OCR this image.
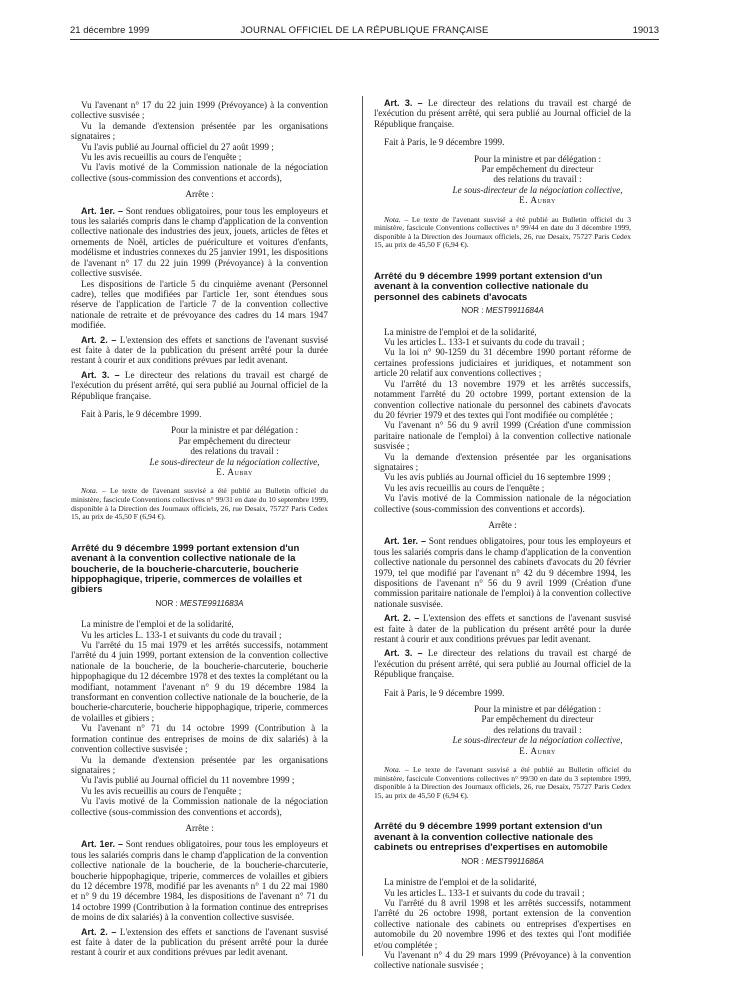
21 décembre 1999	JOURNAL OFFICIEL DE LA RÉPUBLIQUE FRANÇAISE	19013

Vu l'avenant n° 17 du 22 juin 1999 (Prévoyance) à la convention collective susvisée ;

Vu la demande d'extension présentée par les organisations signataires ;

Vu l'avis publié au Journal officiel du 27 août 1999 ;

Vu les avis recueillis au cours de l'enquête ;

Vu l'avis motivé de la Commission nationale de la négociation collective (sous-commission des conventions et accords),

Arrête :

Art. 1er. – Sont rendues obligatoires, pour tous les employeurs et tous les salariés compris dans le champ d'application de la convention collective nationale des industries des jeux, jouets, articles de fêtes et ornements de Noël, articles de puériculture et voitures d'enfants, modélisme et industries connexes du 25 janvier 1991, les dispositions de l'avenant n° 17 du 22 juin 1999 (Prévoyance) à la convention collective susvisée.

Les dispositions de l'article 5 du cinquième avenant (Personnel cadre), telles que modifiées par l'article 1er, sont étendues sous réserve de l'application de l'article 7 de la convention collective nationale de retraite et de prévoyance des cadres du 14 mars 1947 modifiée.

Art. 2. – L'extension des effets et sanctions de l'avenant susvisé est faite à dater de la publication du présent arrêté pour la durée restant à courir et aux conditions prévues par ledit avenant.

Art. 3. – Le directeur des relations du travail est chargé de l'exécution du présent arrêté, qui sera publié au Journal officiel de la République française.

Fait à Paris, le 9 décembre 1999.

Pour la ministre et par délégation :
Par empêchement du directeur
des relations du travail :
Le sous-directeur de la négociation collective,
E. Aubry

Nota. – Le texte de l'avenant susvisé a été publié au Bulletin officiel du ministère, fascicule Conventions collectives n° 99/31 en date du 10 septembre 1999, disponible à la Direction des Journaux officiels, 26, rue Desaix, 75727 Paris Cedex 15, au prix de 45,50 F (6,94 €).

Arrêté du 9 décembre 1999 portant extension d'un avenant à la convention collective nationale de la boucherie, de la boucherie-charcuterie, boucherie hippophagique, triperie, commerces de volailles et gibiers

NOR : MESTE9911683A

La ministre de l'emploi et de la solidarité,

Vu les articles L. 133-1 et suivants du code du travail ;

Vu l'arrêté du 15 mai 1979 et les arrêtés successifs, notamment l'arrêté du 4 juin 1999, portant extension de la convention collective nationale de la boucherie, de la boucherie-charcuterie, boucherie hippophagique du 12 décembre 1978 et des textes la complétant ou la modifiant, notamment l'avenant n° 9 du 19 décembre 1984 la transformant en convention collective nationale de la boucherie, de la boucherie-charcuterie, boucherie hippophagique, triperie, commerces de volailles et gibiers ;

Vu l'avenant n° 71 du 14 octobre 1999 (Contribution à la formation continue des entreprises de moins de dix salariés) à la convention collective susvisée ;

Vu la demande d'extension présentée par les organisations signataires ;

Vu l'avis publié au Journal officiel du 11 novembre 1999 ;

Vu les avis recueillis au cours de l'enquête ;

Vu l'avis motivé de la Commission nationale de la négociation collective (sous-commission des conventions et accords),

Arrête :

Art. 1er. – Sont rendues obligatoires, pour tous les employeurs et tous les salariés compris dans le champ d'application de la convention collective nationale de la boucherie, de la boucherie-charcuterie, boucherie hippophagique, triperie, commerces de volailles et gibiers du 12 décembre 1978, modifié par les avenants n° 1 du 22 mai 1980 et n° 9 du 19 décembre 1984, les dispositions de l'avenant n° 71 du 14 octobre 1999 (Contribution à la formation continue des entreprises de moins de dix salariés) à la convention collective susvisée.

Art. 2. – L'extension des effets et sanctions de l'avenant susvisé est faite à dater de la publication du présent arrêté pour la durée restant à courir et aux conditions prévues par ledit avenant.

Art. 3. – Le directeur des relations du travail est chargé de l'exécution du présent arrêté, qui sera publié au Journal officiel de la République française.

Fait à Paris, le 9 décembre 1999.

Pour la ministre et par délégation :
Par empêchement du directeur
des relations du travail :
Le sous-directeur de la négociation collective,
E. Aubry

Nota. – Le texte de l'avenant susvisé a été publié au Bulletin officiel du 3 ministère, fascicule Conventions collectives n° 99/44 en date du 3 décembre 1999, disponible à la Direction des Journaux officiels, 26, rue Desaix, 75727 Paris Cedex 15, au prix de 45,50 F (6,94 €).

Arrêté du 9 décembre 1999 portant extension d'un avenant à la convention collective nationale du personnel des cabinets d'avocats

NOR : MEST9911684A

La ministre de l'emploi et de la solidarité,

Vu les articles L. 133-1 et suivants du code du travail ;

Vu la loi n° 90-1259 du 31 décembre 1990 portant réforme de certaines professions judiciaires et juridiques, et notamment son article 20 relatif aux conventions collectives ;

Vu l'arrêté du 13 novembre 1979 et les arrêtés successifs, notamment l'arrêté du 20 octobre 1999, portant extension de la convention collective nationale du personnel des cabinets d'avocats du 20 février 1979 et des textes qui l'ont modifiée ou complétée ;

Vu l'avenant n° 56 du 9 avril 1999 (Création d'une commission paritaire nationale de l'emploi) à la convention collective nationale susvisée ;

Vu la demande d'extension présentée par les organisations signataires ;

Vu les avis publiés au Journal officiel du 16 septembre 1999 ;

Vu les avis recueillis au cours de l'enquête ;

Vu l'avis motivé de la Commission nationale de la négociation collective (sous-commission des conventions et accords).

Arrête :

Art. 1er. – Sont rendues obligatoires, pour tous les employeurs et tous les salariés compris dans le champ d'application de la convention collective nationale du personnel des cabinets d'avocats du 20 février 1979, tel que modifié par l'avenant n° 42 du 9 décembre 1994, les dispositions de l'avenant n° 56 du 9 avril 1999 (Création d'une commission paritaire nationale de l'emploi) à la convention collective nationale susvisée.

Art. 2. – L'extension des effets et sanctions de l'avenant susvisé est faite à dater de la publication du présent arrêté pour la durée restant à courir et aux conditions prévues par ledit avenant.

Art. 3. – Le directeur des relations du travail est chargé de l'exécution du présent arrêté, qui sera publié au Journal officiel de la République française.

Fait à Paris, le 9 décembre 1999.

Pour la ministre et par délégation :
Par empêchement du directeur
des relations du travail :
Le sous-directeur de la négociation collective,
E. Aubry

Nota. – Le texte de l'avenant susvisé a été publié au Bulletin officiel du ministère, fascicule Conventions collectives n° 99/30 en date du 3 septembre 1999, disponible à la Direction des Journaux officiels, 26, rue Desaix, 75727 Paris Cedex 15, au prix de 45,50 F (6,94 €).

Arrêté du 9 décembre 1999 portant extension d'un avenant à la convention collective nationale des cabinets ou entreprises d'expertises en automobile

NOR : MEST9911686A

La ministre de l'emploi et de la solidarité,

Vu les articles L. 133-1 et suivants du code du travail ;

Vu l'arrêté du 8 avril 1998 et les arrêtés successifs, notamment l'arrêté du 26 octobre 1998, portant extension de la convention collective nationale des cabinets ou entreprises d'expertises en automobile du 20 novembre 1996 et des textes qui l'ont modifiée et/ou complétée ;

Vu l'avenant n° 4 du 29 mars 1999 (Prévoyance) à la convention collective nationale susvisée ;
